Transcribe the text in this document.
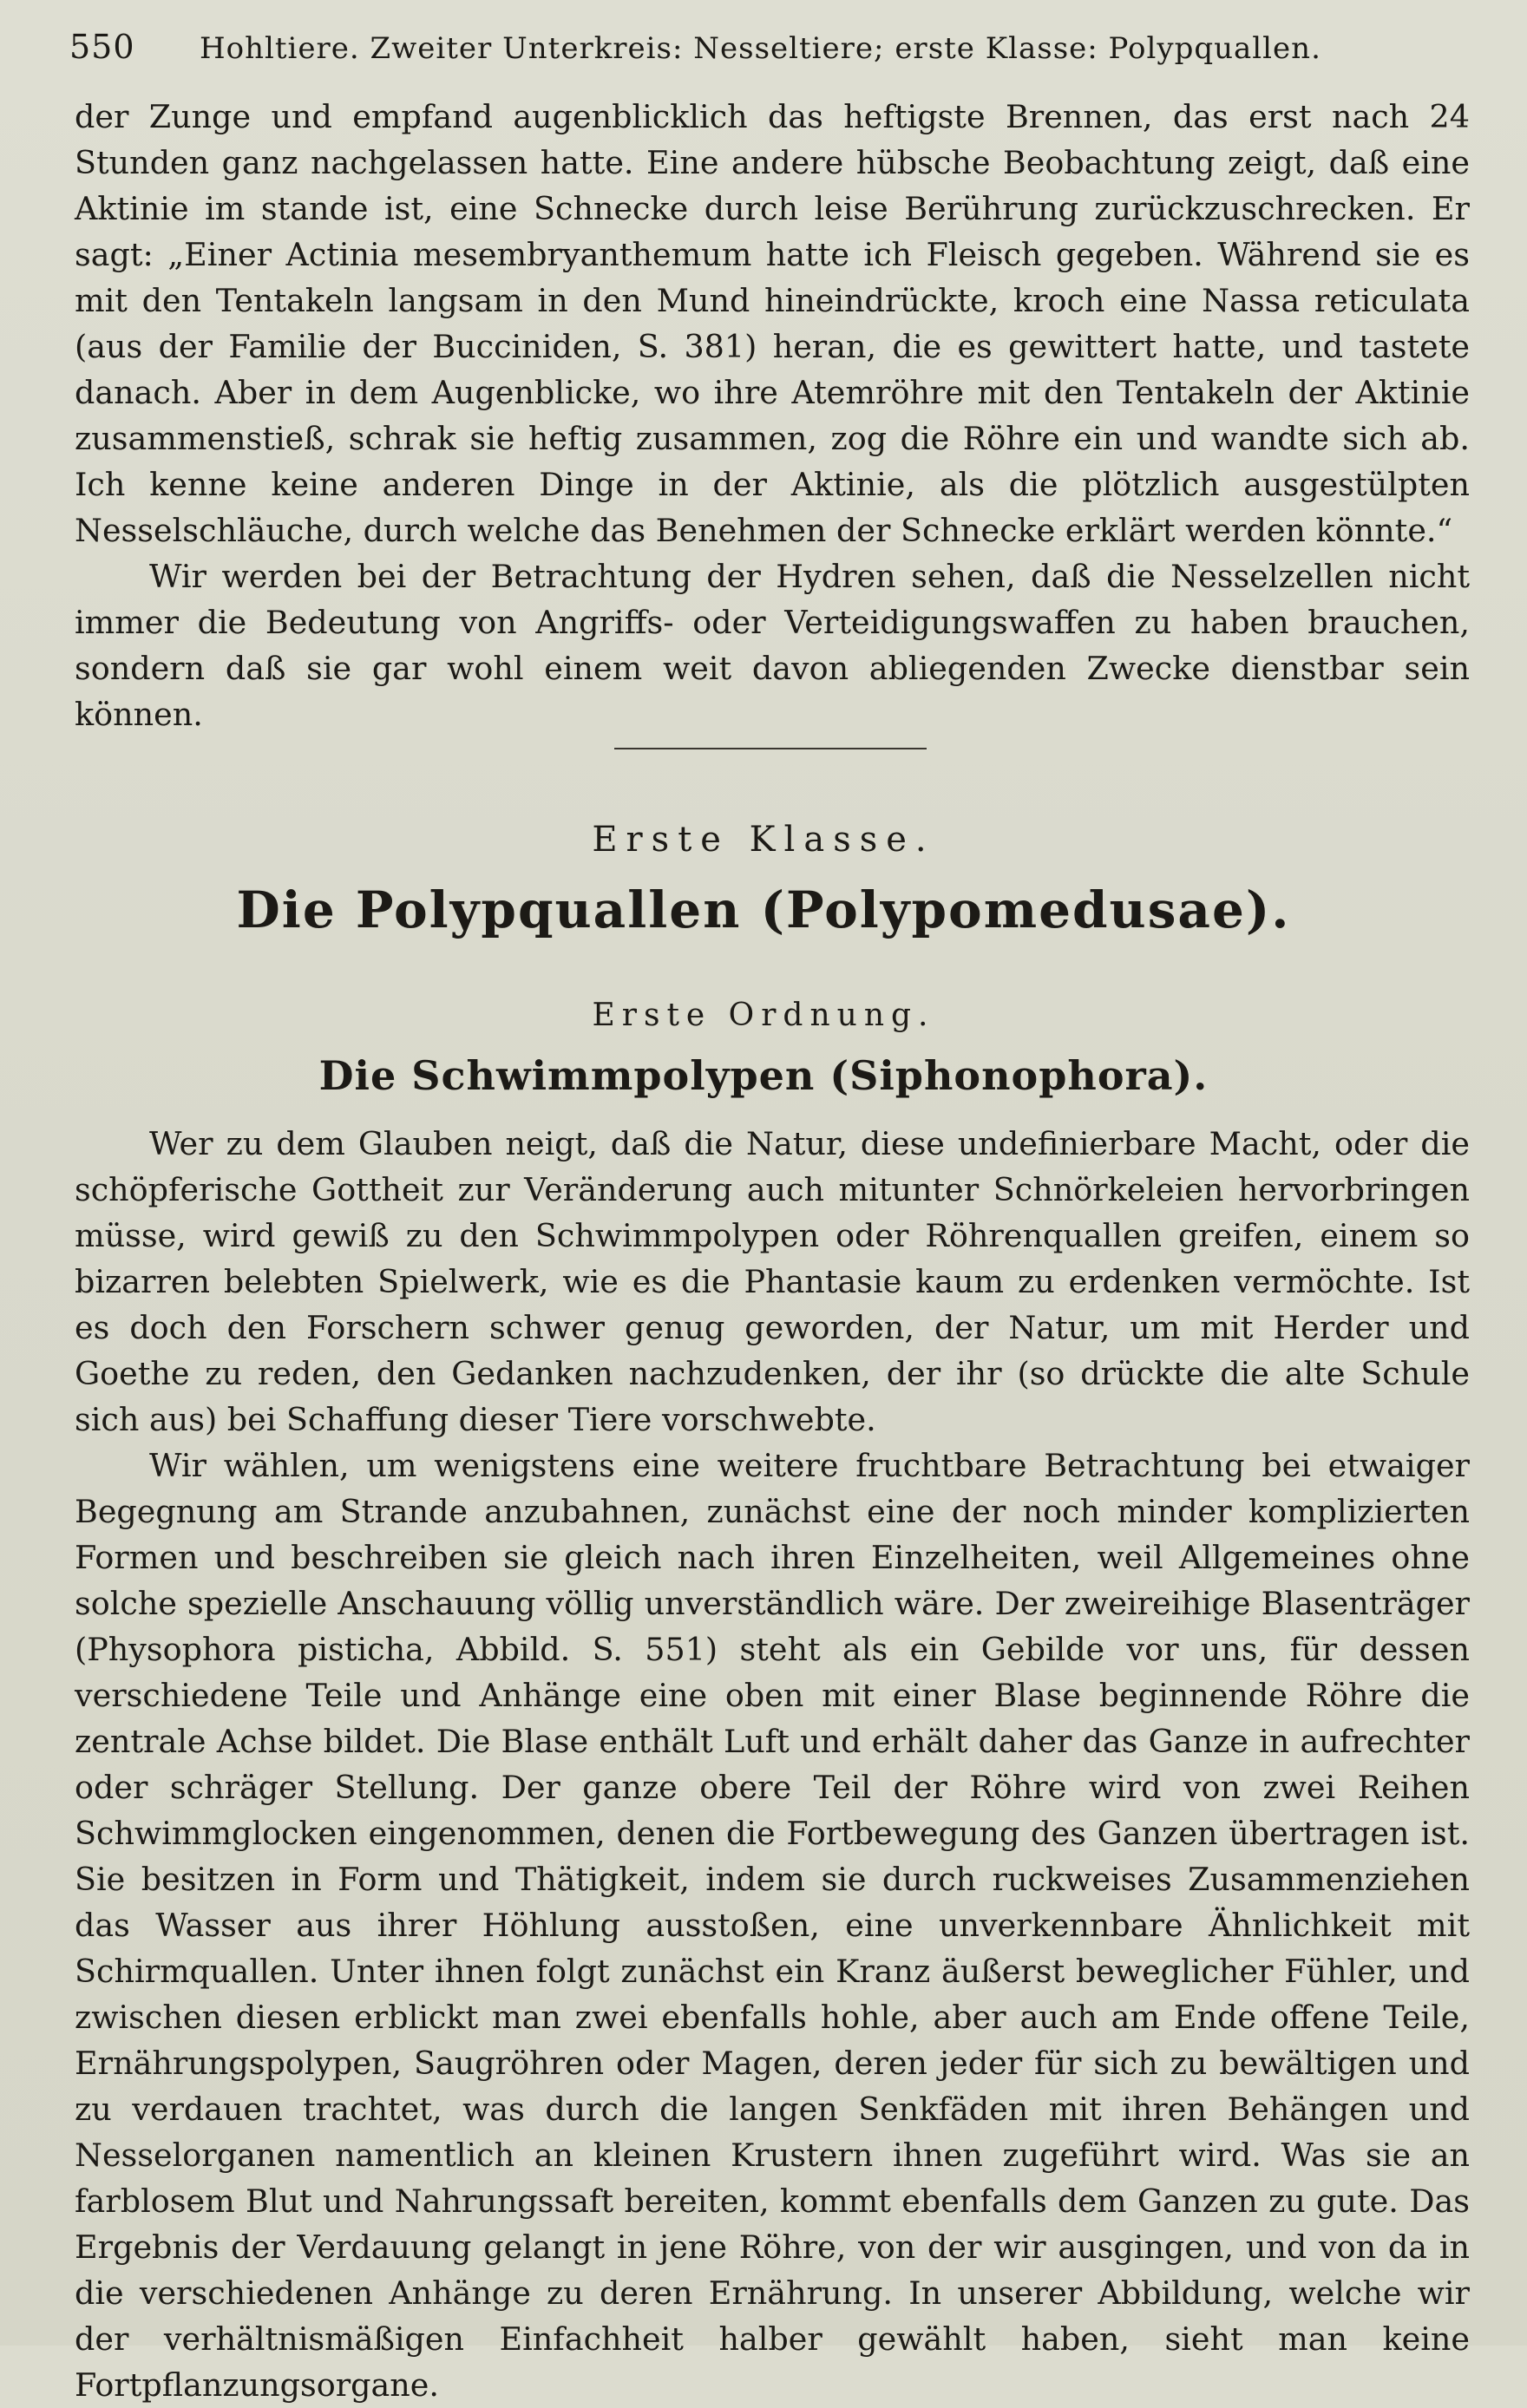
550	Hohltiere. Zweiter Unterkreis: Nesseltiere; erste Klasse: Polypquallen.

der Zunge und empfand augenblicklich das heftigste Brennen, das erst nach 24 Stunden ganz nachgelassen hatte. Eine andere hübsche Beobachtung zeigt, daß eine Aktinie im stande ist, eine Schnecke durch leise Berührung zurückzuschrecken. Er sagt: „Einer Actinia mesembryanthemum hatte ich Fleisch gegeben. Während sie es mit den Tentakeln langsam in den Mund hineindrückte, kroch eine Nassa reticulata (aus der Familie der Bucciniden, S. 381) heran, die es gewittert hatte, und tastete danach. Aber in dem Augenblicke, wo ihre Atemröhre mit den Tentakeln der Aktinie zusammenstieß, schrak sie heftig zusammen, zog die Röhre ein und wandte sich ab. Ich kenne keine anderen Dinge in der Aktinie, als die plötzlich ausgestülpten Nesselschläuche, durch welche das Benehmen der Schnecke erklärt werden könnte.“

Wir werden bei der Betrachtung der Hydren sehen, daß die Nesselzellen nicht immer die Bedeutung von Angriffs- oder Verteidigungswaffen zu haben brauchen, sondern daß sie gar wohl einem weit davon abliegenden Zwecke dienstbar sein können.

Erste Klasse.
Die Polypquallen (Polypomedusae).
Erste Ordnung.
Die Schwimmpolypen (Siphonophora).

Wer zu dem Glauben neigt, daß die Natur, diese undefinierbare Macht, oder die schöpferische Gottheit zur Veränderung auch mitunter Schnörkeleien hervorbringen müsse, wird gewiß zu den Schwimmpolypen oder Röhrenquallen greifen, einem so bizarren belebten Spielwerk, wie es die Phantasie kaum zu erdenken vermöchte. Ist es doch den Forschern schwer genug geworden, der Natur, um mit Herder und Goethe zu reden, den Gedanken nachzudenken, der ihr (so drückte die alte Schule sich aus) bei Schaffung dieser Tiere vorschwebte.

Wir wählen, um wenigstens eine weitere fruchtbare Betrachtung bei etwaiger Begegnung am Strande anzubahnen, zunächst eine der noch minder komplizierten Formen und beschreiben sie gleich nach ihren Einzelheiten, weil Allgemeines ohne solche spezielle Anschauung völlig unverständlich wäre. Der zweireihige Blasenträger (Physophora pisticha, Abbild. S. 551) steht als ein Gebilde vor uns, für dessen verschiedene Teile und Anhänge eine oben mit einer Blase beginnende Röhre die zentrale Achse bildet. Die Blase enthält Luft und erhält daher das Ganze in aufrechter oder schräger Stellung. Der ganze obere Teil der Röhre wird von zwei Reihen Schwimmglocken eingenommen, denen die Fortbewegung des Ganzen übertragen ist. Sie besitzen in Form und Thätigkeit, indem sie durch ruckweises Zusammenziehen das Wasser aus ihrer Höhlung ausstoßen, eine unverkennbare Ähnlichkeit mit Schirmquallen. Unter ihnen folgt zunächst ein Kranz äußerst beweglicher Fühler, und zwischen diesen erblickt man zwei ebenfalls hohle, aber auch am Ende offene Teile, Ernährungspolypen, Saugröhren oder Magen, deren jeder für sich zu bewältigen und zu verdauen trachtet, was durch die langen Senkfäden mit ihren Behängen und Nesselorganen namentlich an kleinen Krustern ihnen zugeführt wird. Was sie an farblosem Blut und Nahrungssaft bereiten, kommt ebenfalls dem Ganzen zu gute. Das Ergebnis der Verdauung gelangt in jene Röhre, von der wir ausgingen, und von da in die verschiedenen Anhänge zu deren Ernährung. In unserer Abbildung, welche wir der verhältnismäßigen Einfachheit halber gewählt haben, sieht man keine Fortpflanzungsorgane.
